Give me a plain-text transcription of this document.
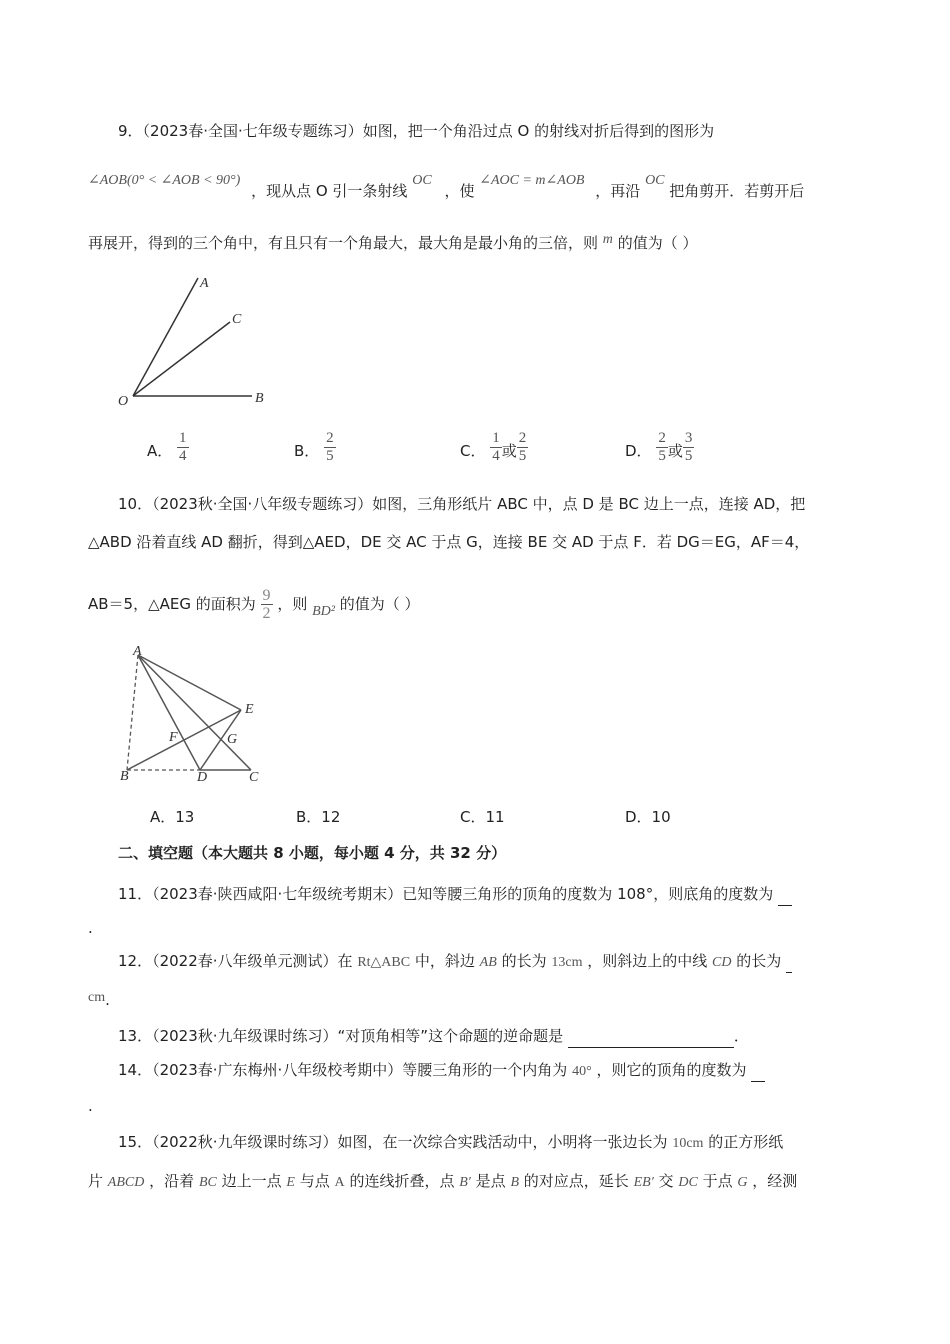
9．（2023春·全国·七年级专题练习）如图，把一个角沿过点 O 的射线对折后得到的图形为
∠AOB(0° < ∠AOB < 90°) ，现从点 O 引一条射线 OC ，使 ∠AOC = m∠AOB ，再沿 OC 把角剪开．若剪开后
再展开，得到的三个角中，有且只有一个角最大，最大角是最小角的三倍，则 m 的值为（ ）
A
C
O	B
A． $\frac{1}{4}$	B． $\frac{2}{5}$	C． $\frac{1}{4}$ 或 $\frac{2}{5}$	D． $\frac{2}{5}$ 或 $\frac{3}{5}$
10．（2023秋·全国·八年级专题练习）如图，三角形纸片 ABC 中，点 D 是 BC 边上一点，连接 AD，把
△ABD 沿着直线 AD 翻折，得到△AED，DE 交 AC 于点 G，连接 BE 交 AD 于点 F．若 DG＝EG，AF＝4，
AB＝5，△AEG 的面积为 $\frac{9}{2}$ ，则 BD² 的值为（ ）
A
E
F	G
B	D	C
A．13	B．12	C．11	D．10
二、填空题（本大题共 8 小题，每小题 4 分，共 32 分）
11．（2023春·陕西咸阳·七年级统考期末）已知等腰三角形的顶角的度数为 108°，则底角的度数为
.
12．（2022春·八年级单元测试）在 Rt△ABC 中，斜边 AB 的长为 13cm ，则斜边上的中线 CD 的长为
cm.
13．（2023秋·九年级课时练习）“对顶角相等”这个命题的逆命题是	．
14．（2023春·广东梅州·八年级校考期中）等腰三角形的一个内角为 40° ，则它的顶角的度数为
.
15．（2022秋·九年级课时练习）如图，在一次综合实践活动中，小明将一张边长为 10cm 的正方形纸
片 ABCD ，沿着 BC 边上一点 E 与点 A 的连线折叠，点 B′ 是点 B 的对应点，延长 EB′ 交 DC 于点 G ，经测
